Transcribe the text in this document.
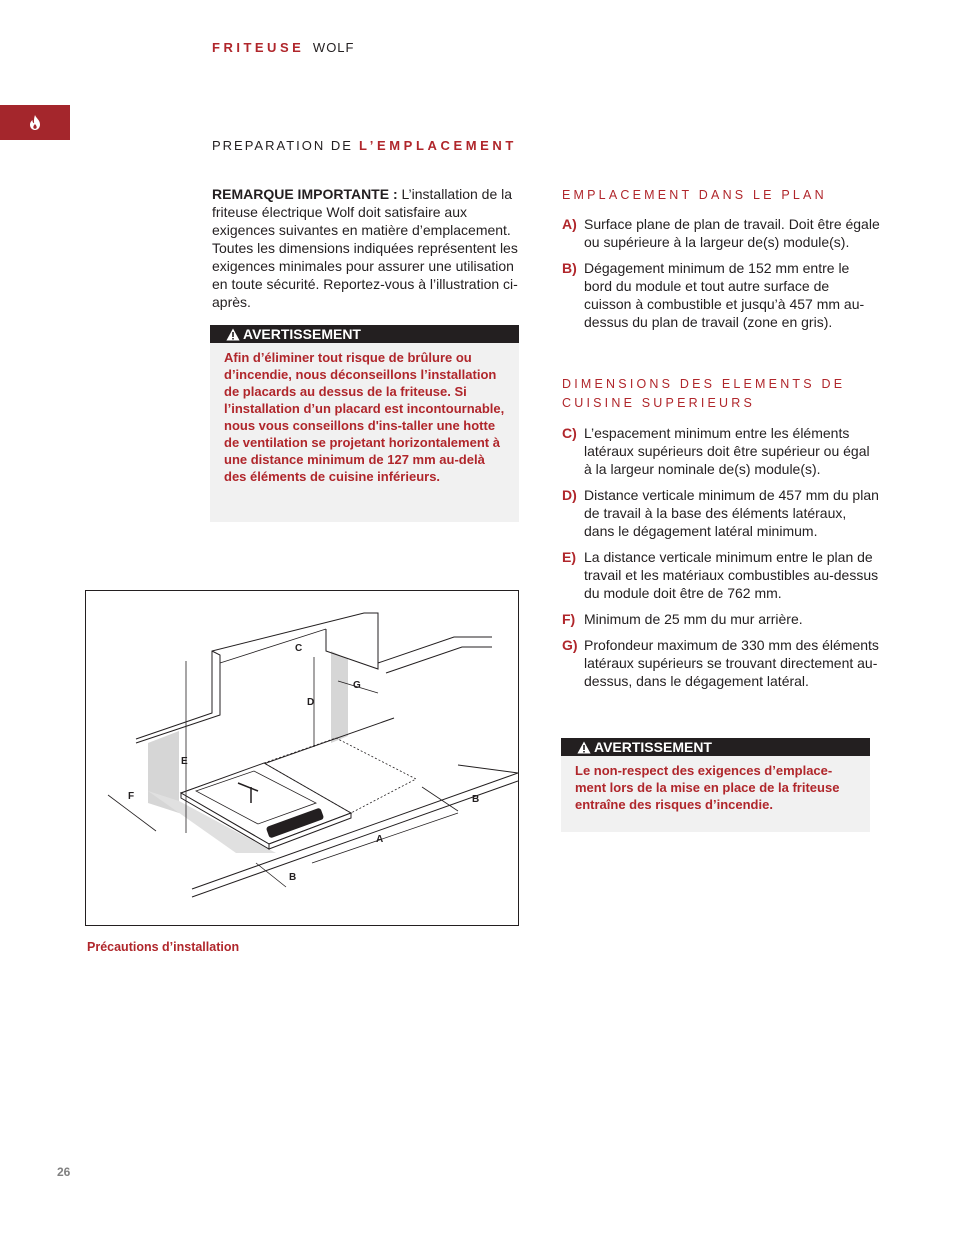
FRITEUSE WOLF
PREPARATION DE L’EMPLACEMENT
REMARQUE IMPORTANTE : L’installation de la friteuse électrique Wolf doit satisfaire aux exigences suivantes en matière d’emplacement. Toutes les dimensions indiquées représentent les exigences minimales pour assurer une utilisation en toute sécurité. Reportez-vous à l’illustration ci-après.
AVERTISSEMENT
Afin d’éliminer tout risque de brûlure ou d’incendie, nous déconseillons l’installation de placards au dessus de la friteuse. Si l’installation d’un placard est incontournable, nous vous conseillons d'ins-taller une hotte de ventilation se projetant horizontalement à une distance minimum de 127 mm au-delà des éléments de cuisine inférieurs.
EMPLACEMENT DANS LE PLAN
A) Surface plane de plan de travail. Doit être égale ou supérieure à la largeur de(s) module(s).
B) Dégagement minimum de 152 mm entre le bord du module et tout autre surface de cuisson à combustible et jusqu’à 457 mm au-dessus du plan de travail (zone en gris).
DIMENSIONS DES ELEMENTS DE CUISINE SUPERIEURS
C) L’espacement minimum entre les éléments latéraux supérieurs doit être supérieur ou égal à la largeur nominale de(s) module(s).
D) Distance verticale minimum de 457 mm du plan de travail à la base des éléments latéraux, dans le dégagement latéral minimum.
E) La distance verticale minimum entre le plan de travail et les matériaux combustibles au-dessus du module doit être de 762 mm.
F) Minimum de 25 mm du mur arrière.
G) Profondeur maximum de 330 mm des éléments latéraux supérieurs se trouvant directement au-dessus, dans le dégagement latéral.
AVERTISSEMENT
Le non-respect des exigences d’emplace-ment lors de la mise en place de la friteuse entraîne des risques d’incendie.
C
D
G
E
F	B
A
B
Précautions d’installation
26
